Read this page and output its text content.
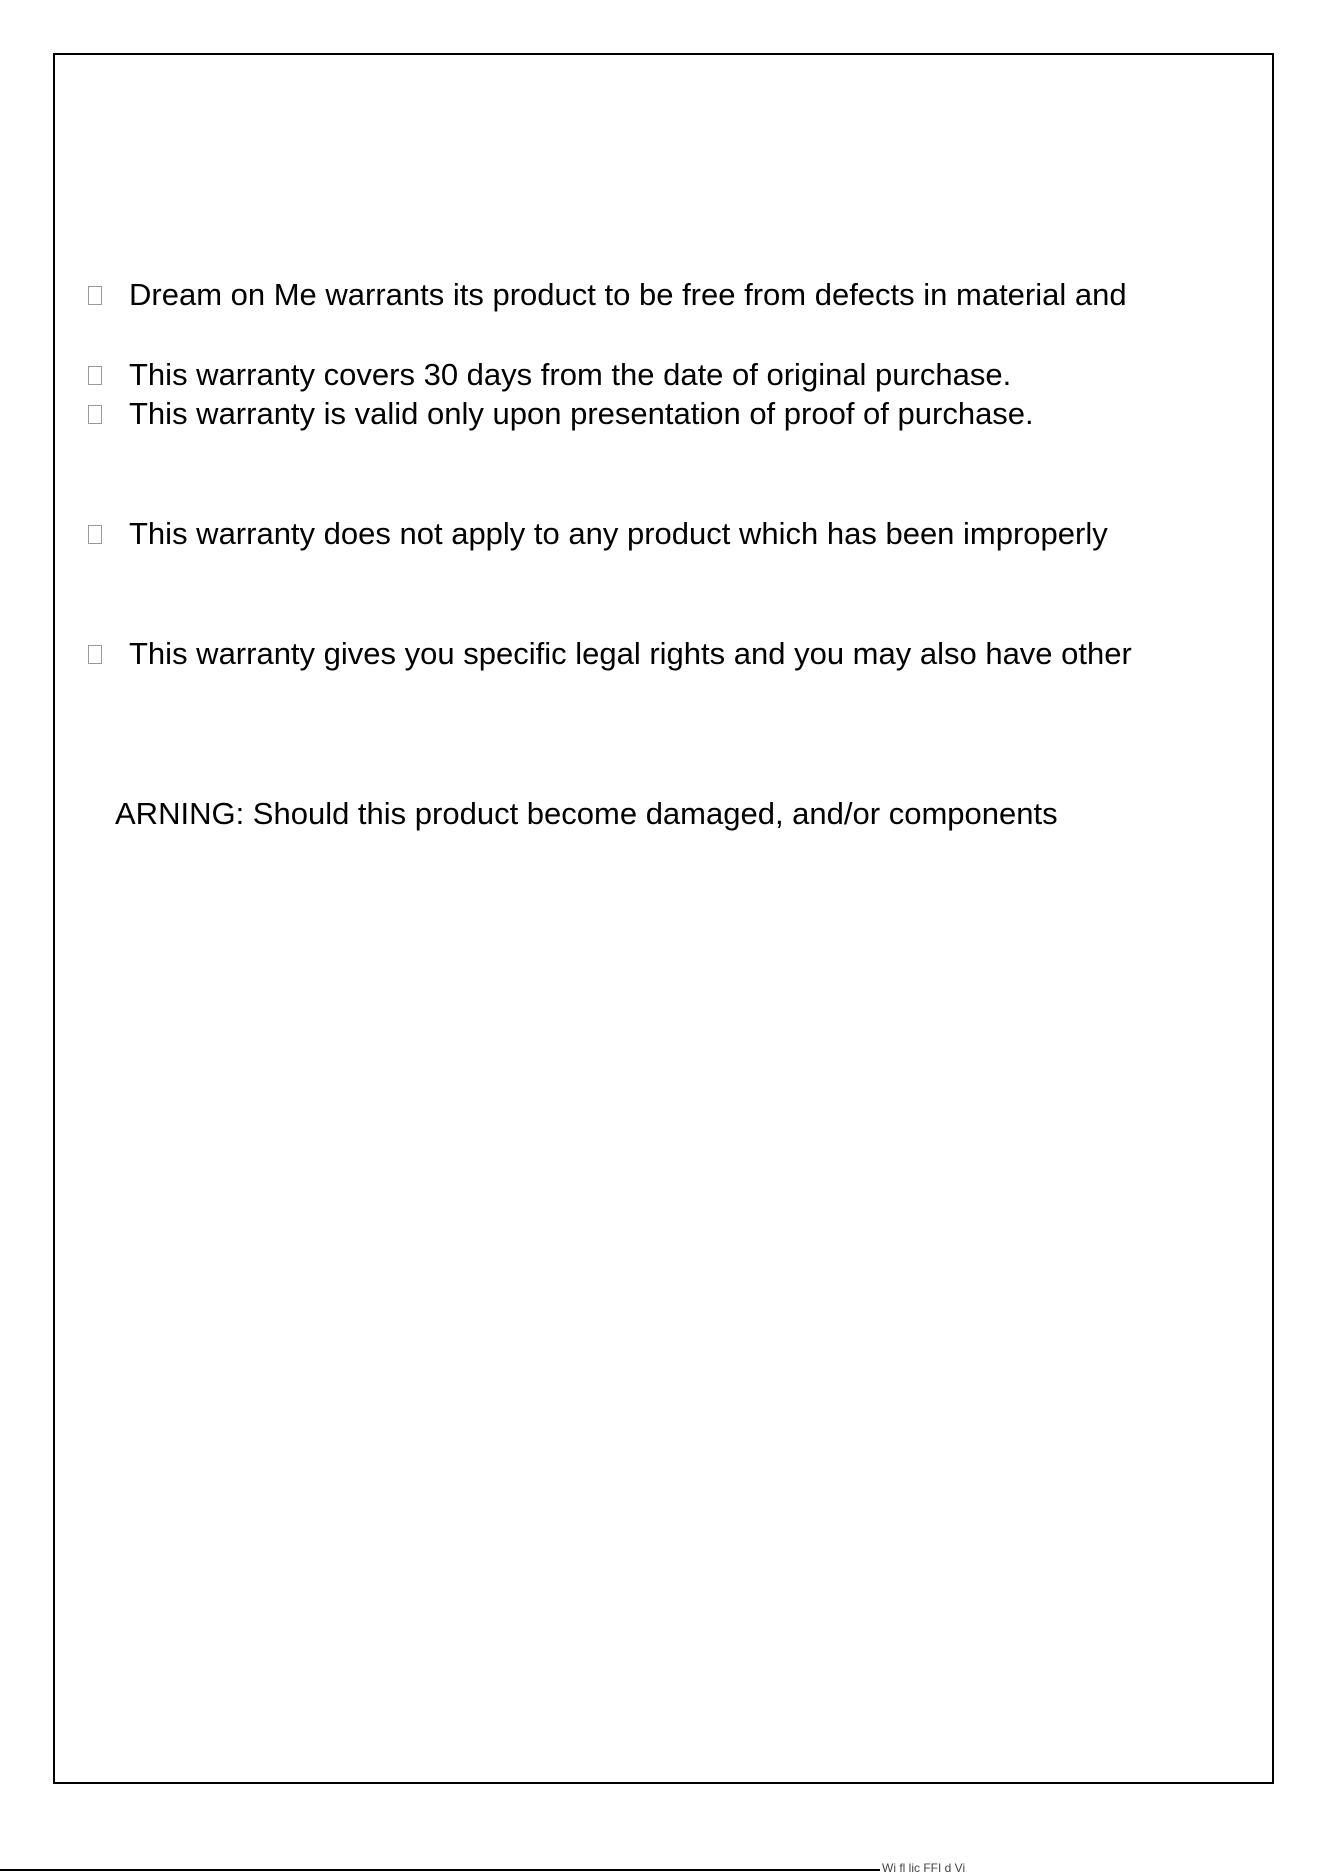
Dream on Me warrants its product to be free from defects in material and
This warranty covers 30 days from the date of original purchase.
This warranty is valid only upon presentation of proof of purchase.
This warranty does not apply to any product which has been improperly
This warranty gives you specific legal rights and you may also have other
ARNING: Should this product become damaged, and/or components
Wi fl lic FFI d Vi
